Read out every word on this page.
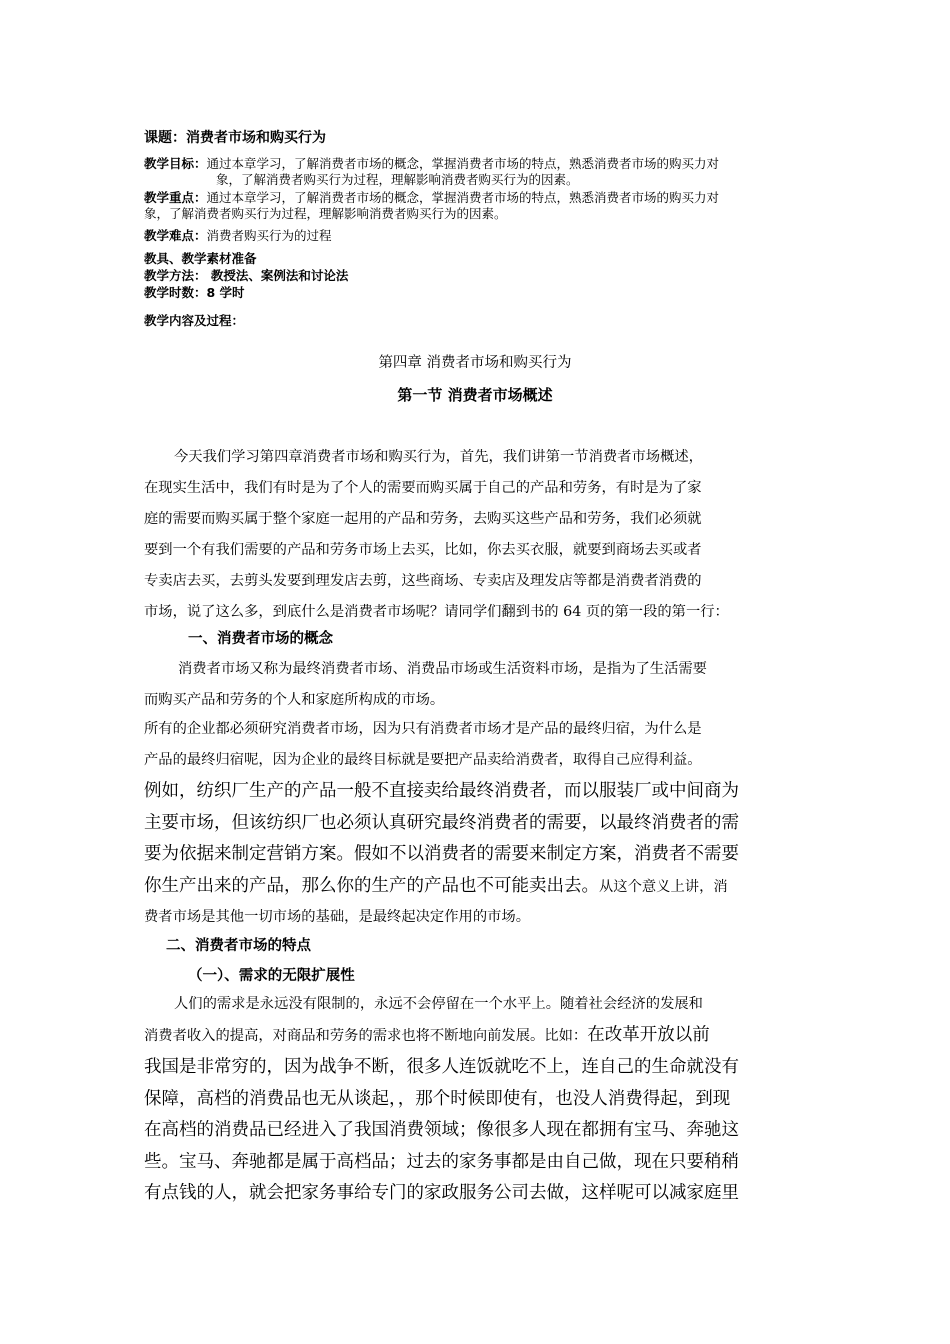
课题：消费者市场和购买行为
教学目标：通过本章学习，了解消费者市场的概念，掌握消费者市场的特点，熟悉消费者市场的购买力对
象，了解消费者购买行为过程，理解影响消费者购买行为的因素。
教学重点：通过本章学习，了解消费者市场的概念，掌握消费者市场的特点，熟悉消费者市场的购买力对
象，了解消费者购买行为过程，理解影响消费者购买行为的因素。
教学难点：消费者购买行为的过程
教具、教学素材准备
教学方法： 教授法、案例法和讨论法
教学时数：8 学时
教学内容及过程：
第四章 消费者市场和购买行为
第一节 消费者市场概述
今天我们学习第四章消费者市场和购买行为，首先，我们讲第一节消费者市场概述，
在现实生活中，我们有时是为了个人的需要而购买属于自己的产品和劳务，有时是为了家
庭的需要而购买属于整个家庭一起用的产品和劳务，去购买这些产品和劳务，我们必须就
要到一个有我们需要的产品和劳务市场上去买，比如，你去买衣服，就要到商场去买或者
专卖店去买，去剪头发要到理发店去剪，这些商场、专卖店及理发店等都是消费者消费的
市场，说了这么多，到底什么是消费者市场呢？请同学们翻到书的 64 页的第一段的第一行：
一、消费者市场的概念
消费者市场又称为最终消费者市场、消费品市场或生活资料市场，是指为了生活需要
而购买产品和劳务的个人和家庭所构成的市场。
所有的企业都必须研究消费者市场，因为只有消费者市场才是产品的最终归宿，为什么是
产品的最终归宿呢，因为企业的最终目标就是要把产品卖给消费者，取得自己应得利益。
例如，纺织厂生产的产品一般不直接卖给最终消费者，而以服装厂或中间商为
主要市场，但该纺织厂也必须认真研究最终消费者的需要，以最终消费者的需
要为依据来制定营销方案。假如不以消费者的需要来制定方案，消费者不需要
你生产出来的产品，那么你的生产的产品也不可能卖出去。从这个意义上讲，消
费者市场是其他一切市场的基础，是最终起决定作用的市场。
二、消费者市场的特点
（一）、需求的无限扩展性
人们的需求是永远没有限制的，永远不会停留在一个水平上。随着社会经济的发展和
消费者收入的提高，对商品和劳务的需求也将不断地向前发展。比如：在改革开放以前
我国是非常穷的，因为战争不断，很多人连饭就吃不上，连自己的生命就没有
保障，高档的消费品也无从谈起，，那个时候即使有，也没人消费得起，到现
在高档的消费品已经进入了我国消费领域；像很多人现在都拥有宝马、奔驰这
些。宝马、奔驰都是属于高档品；过去的家务事都是由自己做，现在只要稍稍
有点钱的人，就会把家务事给专门的家政服务公司去做，这样呢可以减家庭里
